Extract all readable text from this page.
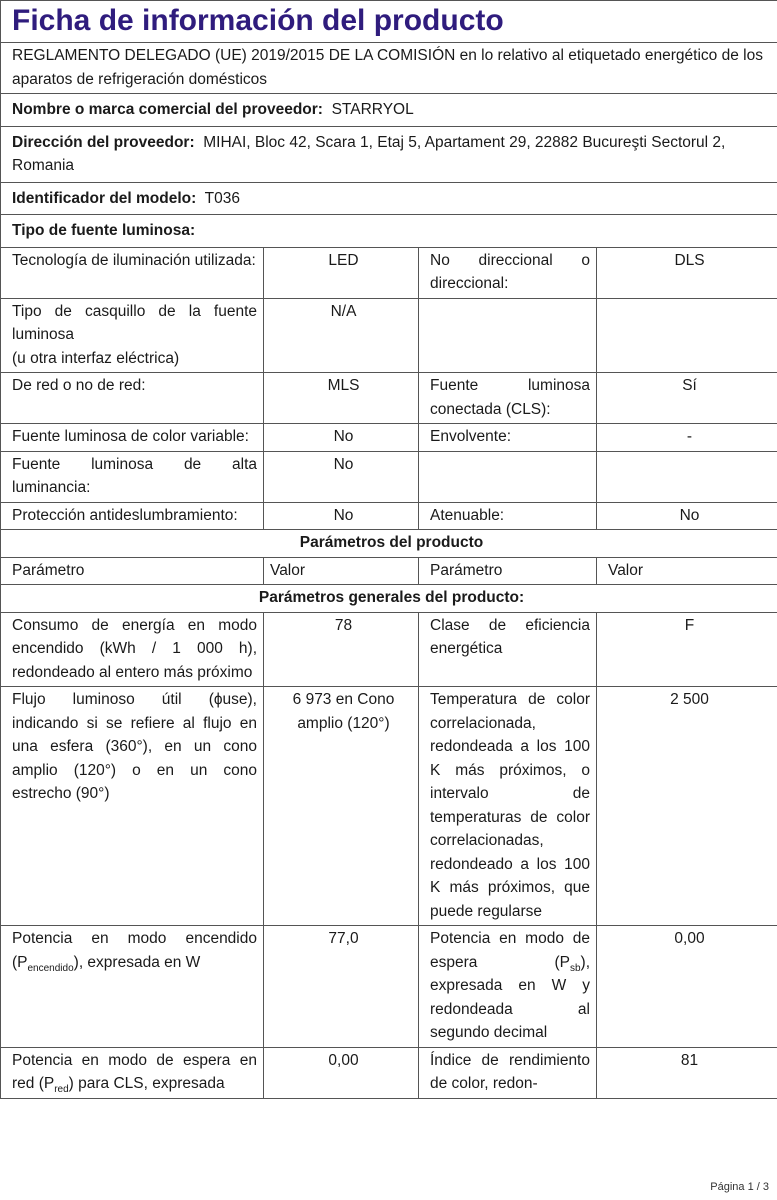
Ficha de información del producto			
REGLAMENTO DELEGADO (UE) 2019/2015 DE LA COMISIÓN en lo relativo al etiquetado energético de los aparatos de refrigeración domésticos			
Nombre o marca comercial del proveedor: STARRYOL			
Dirección del proveedor: MIHAI, Bloc 42, Scara 1, Etaj 5, Apartament 29, 22882 Bucureşti Sectorul 2, Romania			
Identificador del modelo: T036			
Tipo de fuente luminosa:			
Tecnología de iluminación utilizada:	LED	No direccional o direccional:	DLS
Tipo de casquillo de la fuente luminosa
(u otra interfaz eléctrica)	N/A		
De red o no de red:	MLS	Fuente luminosa conectada (CLS):	Sí
Fuente luminosa de color variable:	No	Envolvente:	-
Fuente luminosa de alta luminancia:	No		
Protección antideslumbramiento:	No	Atenuable:	No
Parámetros del producto			
Parámetro	Valor	Parámetro	Valor
Parámetros generales del producto:			
Consumo de energía en modo encendido (kWh / 1 000 h), redondeado al entero más próximo	78	Clase de eficiencia energética	F
Flujo luminoso útil (ϕuse), indicando si se refiere al flujo en una esfera (360°), en un cono amplio (120°) o en un cono estrecho (90°)	6 973 en Cono amplio (120°)	Temperatura de color correlacionada, redondeada a los 100 K más próximos, o intervalo de temperaturas de color correlacionadas, redondeado a los 100 K más próximos, que puede regularse	2 500
Potencia en modo encendido $(P_{encendido})$, expresada en W	77,0	Potencia en modo de espera $(P_{sb})$, expresada en W y redondeada al segundo decimal	0,00
Potencia en modo de espera en red $(P_{red})$ para CLS, expresada	0,00	Índice de rendimiento de color, redon-	81
Página 1 / 3
